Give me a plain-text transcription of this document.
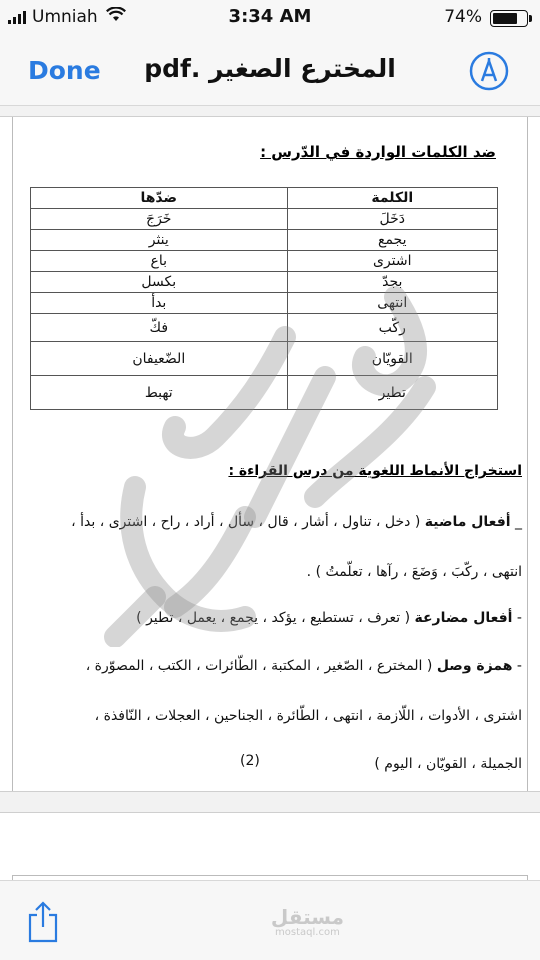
Umniah	3:34 AM	74%
Done	المخترع الصغير .pdf
ضد الكلمات الواردة في الدّرس :
الكلمة	ضدّها
دَخَلَ	خَرَجَ
يجمع	ينثر
اشترى	باع
بجدّ	بكسل
انتهى	بدأ
ركّب	فكّ
القويّان	الضّعيفان
تطير	تهبط
استخراج الأنماط اللغوية من درس القراءة :
_ أفعال ماضية ( دخل ، تناول ، أشار ، قال ، سأل ، أراد ، راح ، اشترى ، بدأ ،
انتهى ، ركّبَ ، وَضَعَ ، رآها ، تعلّمتُ ) .
- أفعال مضارعة ( تعرف ، تستطيع ، يؤكد ، يجمع ، يعمل ، تطير )
- همزة وصل ( المخترع ، الصّغير ، المكتبة ، الطّائرات ، الكتب ، المصوّرة ،
اشترى ، الأدوات ، اللّازمة ، انتهى ، الطّائرة ، الجناحين ، العجلات ، النّافذة ،
الجميلة ، القويّان ، اليوم )
(2)
مستقل
mostaql.com
